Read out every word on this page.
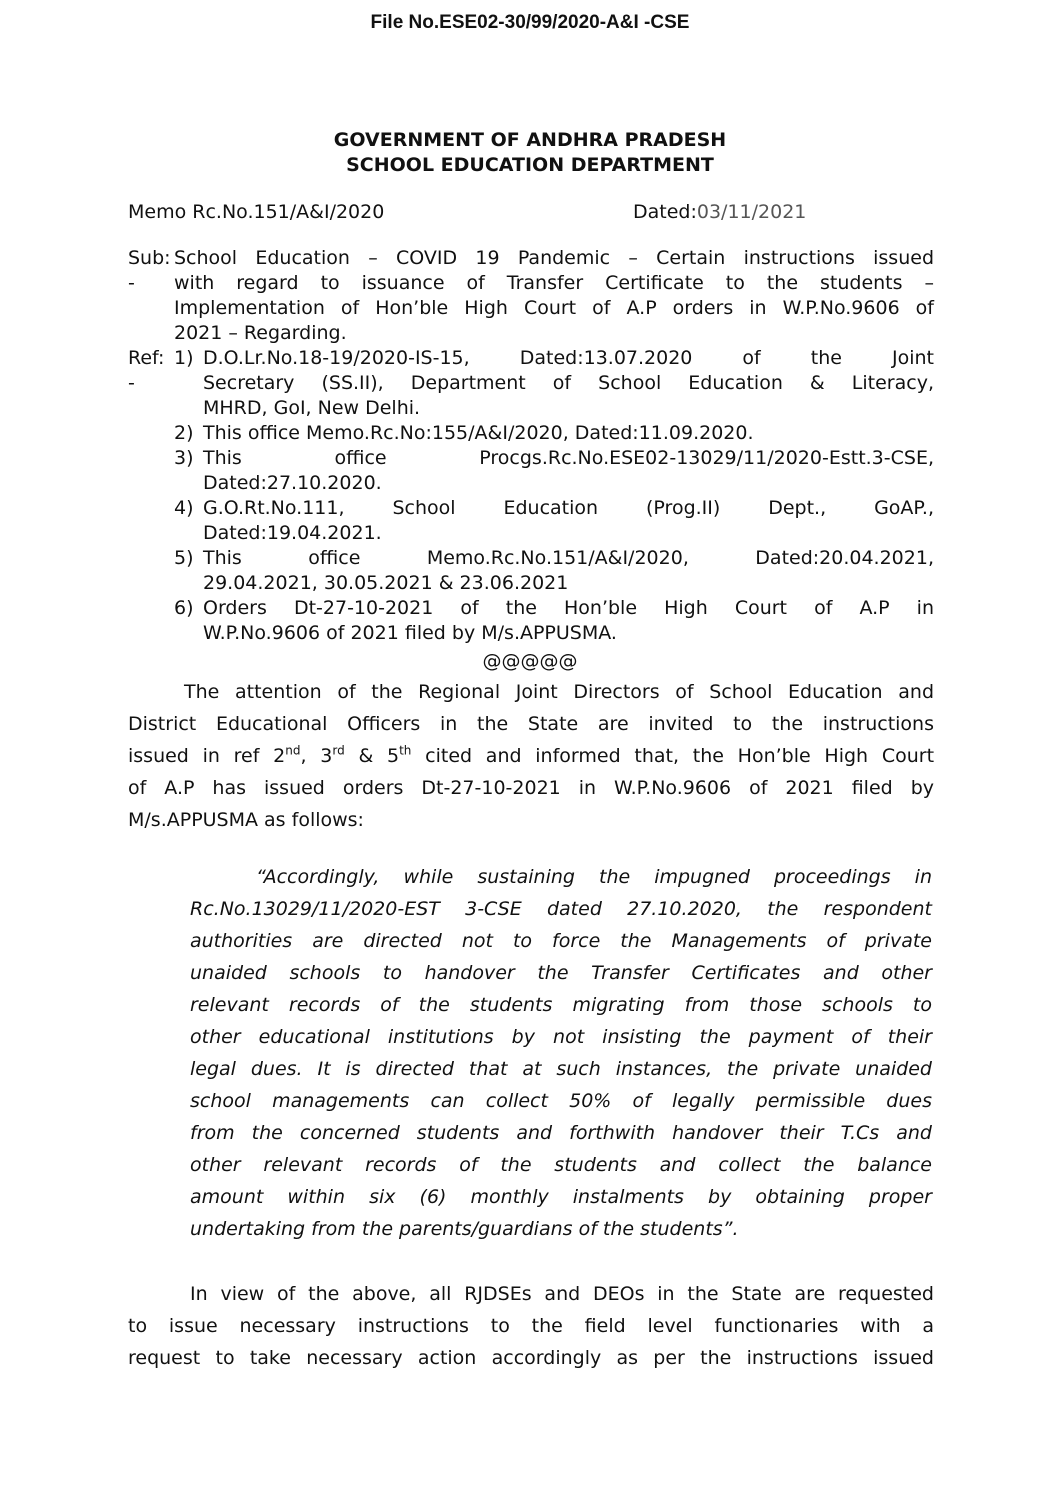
File No.ESE02-30/99/2020-A&I -CSE
GOVERNMENT OF ANDHRA PRADESH
SCHOOL EDUCATION DEPARTMENT
Memo Rc.No.151/A&I/2020	Dated:03/11/2021
Sub:
-
School Education – COVID 19 Pandemic – Certain instructions issued
with regard to issuance of Transfer Certificate to the students –
Implementation of Hon’ble High Court of A.P orders in W.P.No.9606 of
2021 – Regarding.
Ref:
-
1) D.O.Lr.No.18-19/2020-IS-15, Dated:13.07.2020 of the Joint
Secretary (SS.II), Department of School Education & Literacy,
MHRD, GoI, New Delhi.
2) This office Memo.Rc.No:155/A&I/2020, Dated:11.09.2020.
3) This office Procgs.Rc.No.ESE02-13029/11/2020-Estt.3-CSE,
Dated:27.10.2020.
4) G.O.Rt.No.111, School Education (Prog.II) Dept., GoAP.,
Dated:19.04.2021.
5) This office Memo.Rc.No.151/A&I/2020, Dated:20.04.2021,
29.04.2021, 30.05.2021 & 23.06.2021
6) Orders Dt-27-10-2021 of the Hon’ble High Court of A.P in
W.P.No.9606 of 2021 filed by M/s.APPUSMA.
@@@@@
The attention of the Regional Joint Directors of School Education and
District Educational Officers in the State are invited to the instructions
issued in ref 2nd, 3rd & 5th cited and informed that, the Hon’ble High Court
of A.P has issued orders Dt-27-10-2021 in W.P.No.9606 of 2021 filed by
M/s.APPUSMA as follows:
“Accordingly, while sustaining the impugned proceedings in
Rc.No.13029/11/2020-EST 3-CSE dated 27.10.2020, the respondent
authorities are directed not to force the Managements of private
unaided schools to handover the Transfer Certificates and other
relevant records of the students migrating from those schools to
other educational institutions by not insisting the payment of their
legal dues. It is directed that at such instances, the private unaided
school managements can collect 50% of legally permissible dues
from the concerned students and forthwith handover their T.Cs and
other relevant records of the students and collect the balance
amount within six (6) monthly instalments by obtaining proper
undertaking from the parents/guardians of the students”.
In view of the above, all RJDSEs and DEOs in the State are requested
to issue necessary instructions to the field level functionaries with a
request to take necessary action accordingly as per the instructions issued
